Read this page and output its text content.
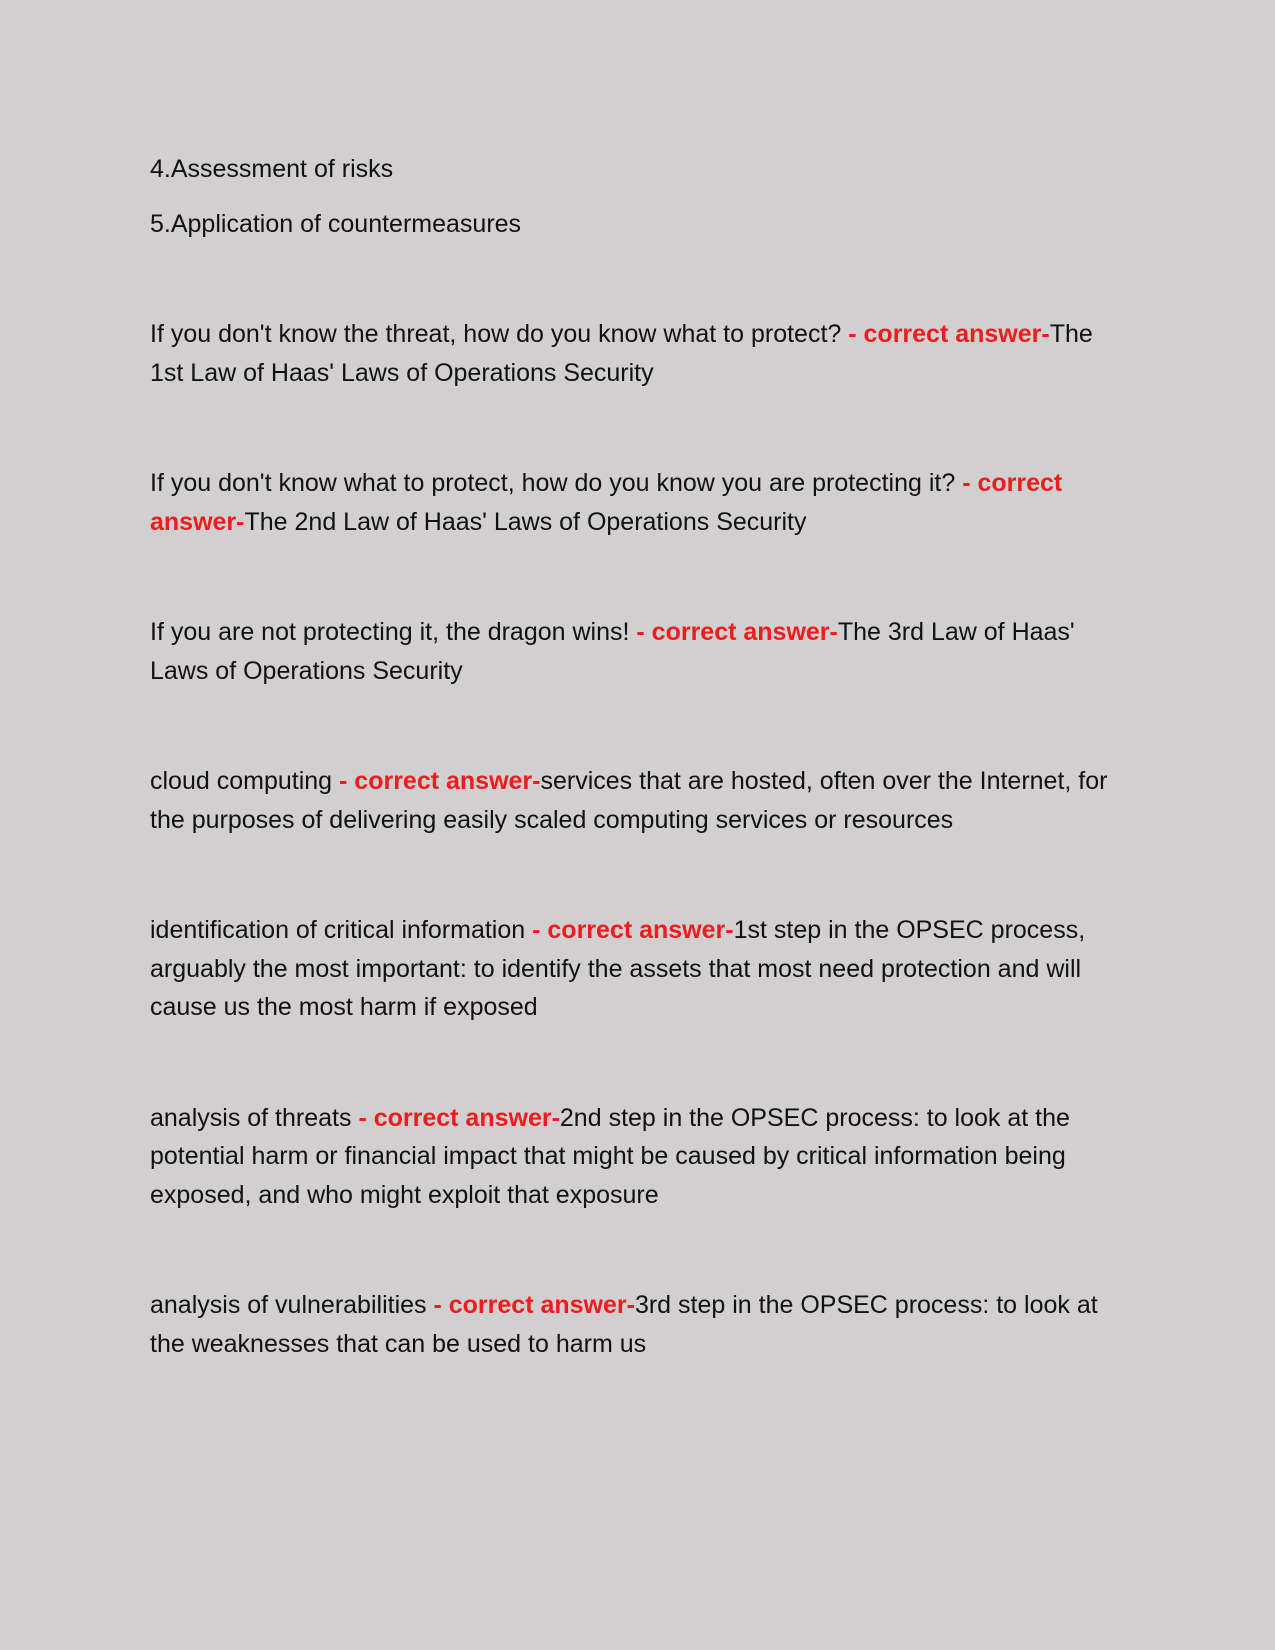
4.Assessment of risks

5.Application of countermeasures

If you don't know the threat, how do you know what to protect? - correct answer-The 1st Law of Haas' Laws of Operations Security

If you don't know what to protect, how do you know you are protecting it? - correct answer-The 2nd Law of Haas' Laws of Operations Security

If you are not protecting it, the dragon wins! - correct answer-The 3rd Law of Haas' Laws of Operations Security

cloud computing - correct answer-services that are hosted, often over the Internet, for the purposes of delivering easily scaled computing services or resources

identification of critical information - correct answer-1st step in the OPSEC process, arguably the most important: to identify the assets that most need protection and will cause us the most harm if exposed

analysis of threats - correct answer-2nd step in the OPSEC process: to look at the potential harm or financial impact that might be caused by critical information being exposed, and who might exploit that exposure

analysis of vulnerabilities - correct answer-3rd step in the OPSEC process: to look at the weaknesses that can be used to harm us
